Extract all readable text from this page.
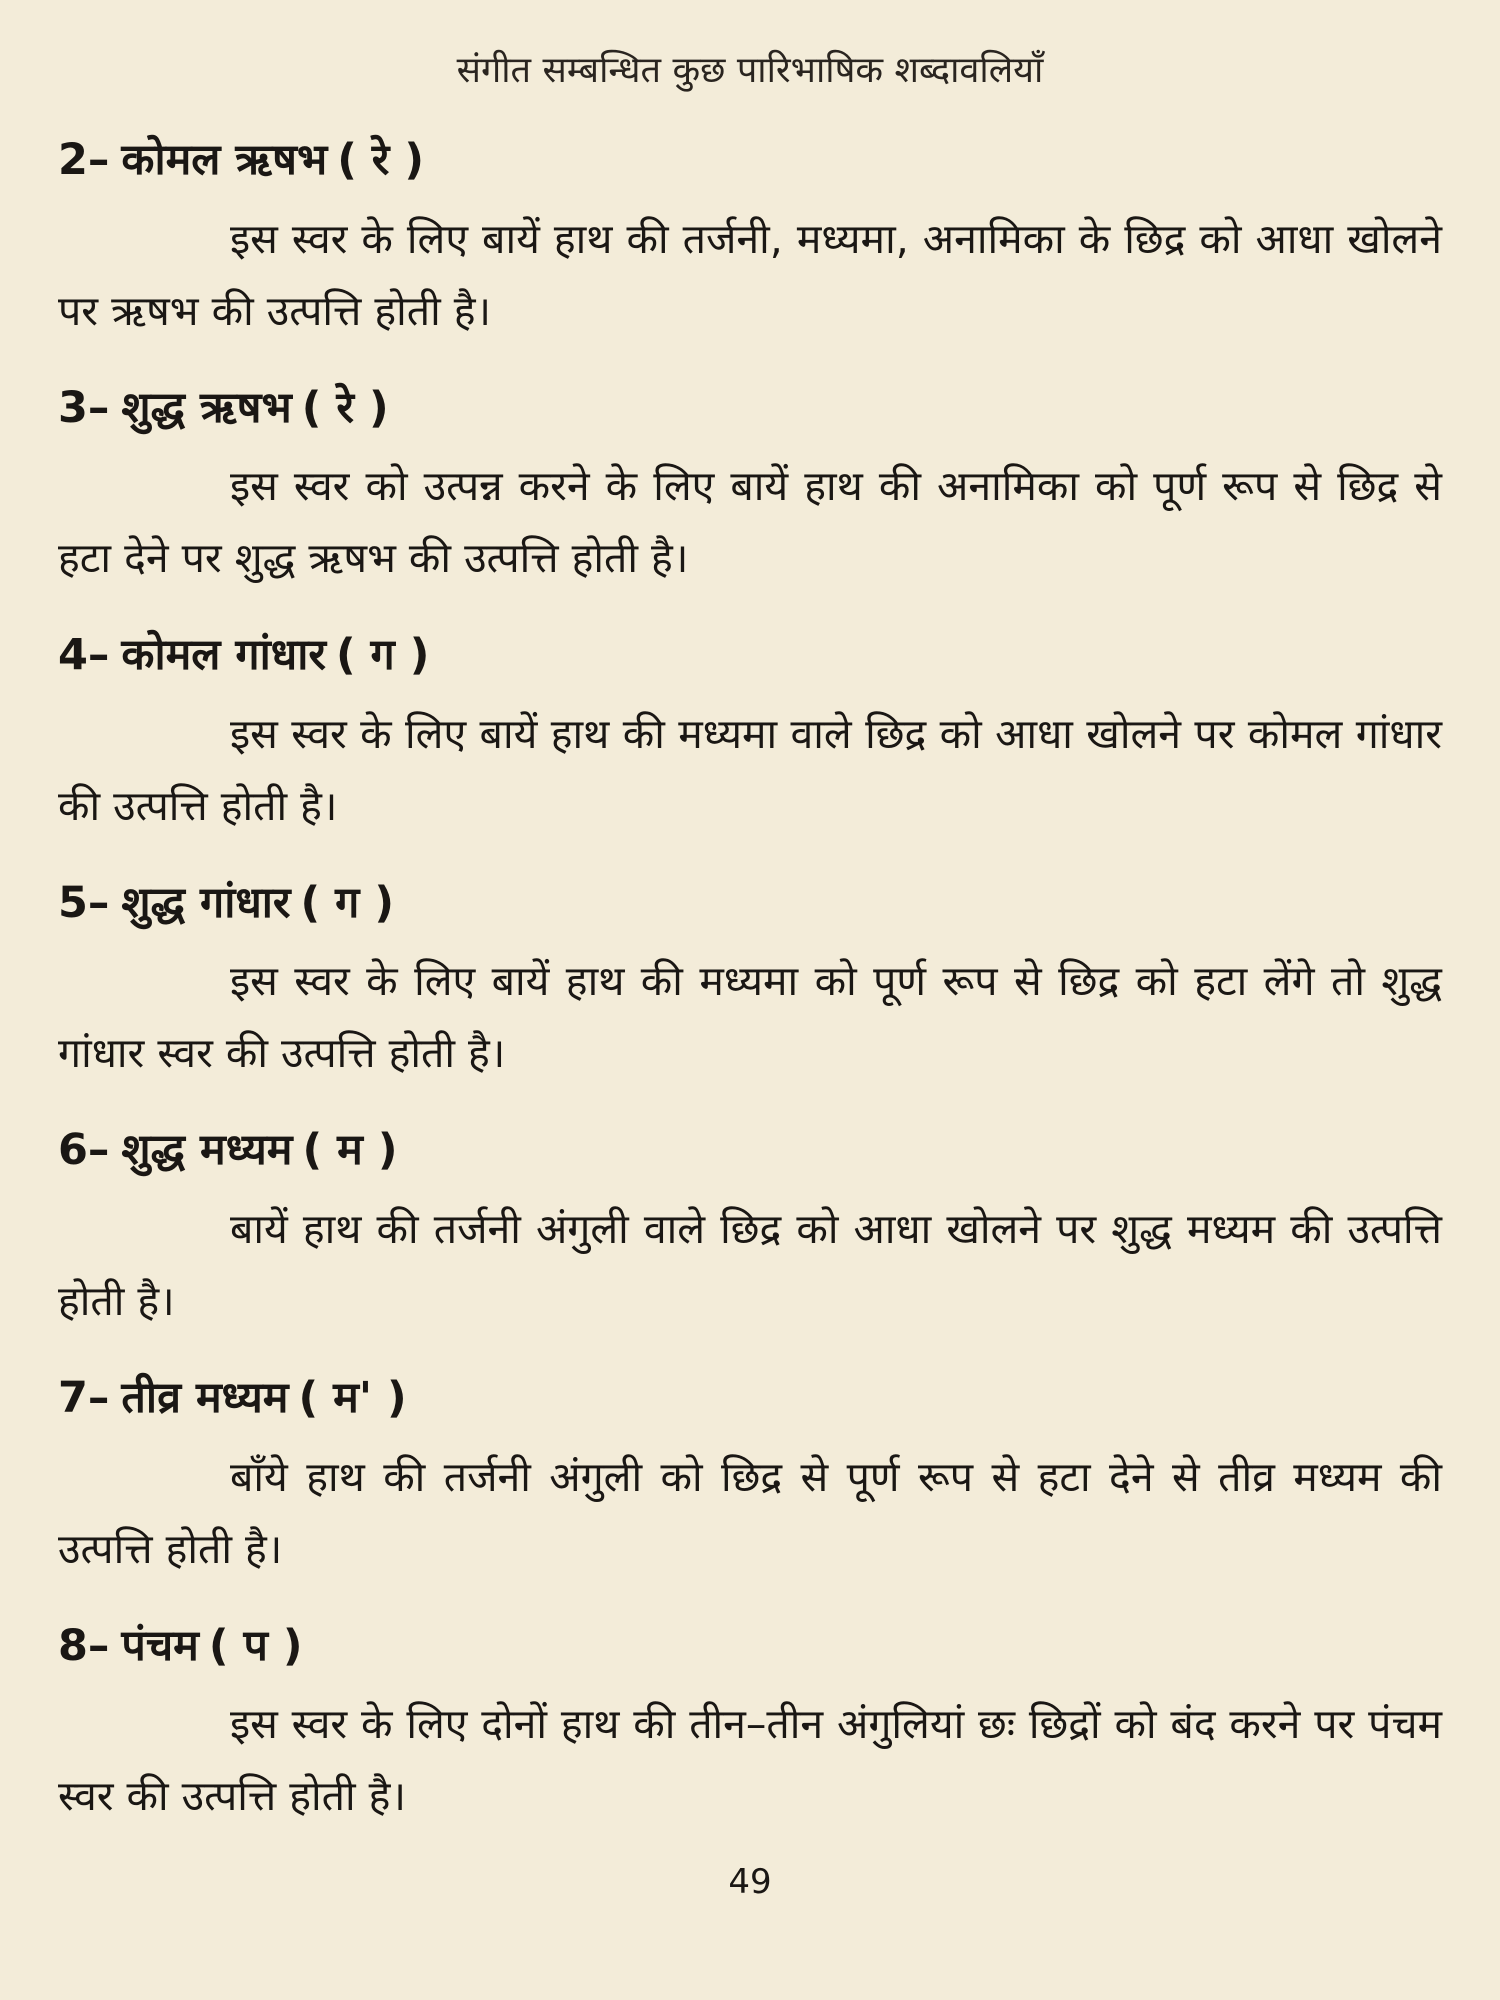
संगीत सम्बन्धित कुछ पारिभाषिक शब्दावलियाँ
2– कोमल ऋषभ ( रे )

इस स्वर के लिए बायें हाथ की तर्जनी, मध्यमा, अनामिका के छिद्र को आधा खोलने पर ऋषभ की उत्पत्ति होती है।

3– शुद्ध ऋषभ ( रे )

इस स्वर को उत्पन्न करने के लिए बायें हाथ की अनामिका को पूर्ण रूप से छिद्र से हटा देने पर शुद्ध ऋषभ की उत्पत्ति होती है।

4– कोमल गांधार ( ग )

इस स्वर के लिए बायें हाथ की मध्यमा वाले छिद्र को आधा खोलने पर कोमल गांधार की उत्पत्ति होती है।

5– शुद्ध गांधार ( ग )

इस स्वर के लिए बायें हाथ की मध्यमा को पूर्ण रूप से छिद्र को हटा लेंगे तो शुद्ध गांधार स्वर की उत्पत्ति होती है।

6– शुद्ध मध्यम ( म )

बायें हाथ की तर्जनी अंगुली वाले छिद्र को आधा खोलने पर शुद्ध मध्यम की उत्पत्ति होती है।

7– तीव्र मध्यम ( म' )

बाँये हाथ की तर्जनी अंगुली को छिद्र से पूर्ण रूप से हटा देने से तीव्र मध्यम की उत्पत्ति होती है।

8– पंचम ( प )

इस स्वर के लिए दोनों हाथ की तीन–तीन अंगुलियां छः छिद्रों को बंद करने पर पंचम स्वर की उत्पत्ति होती है।

49
